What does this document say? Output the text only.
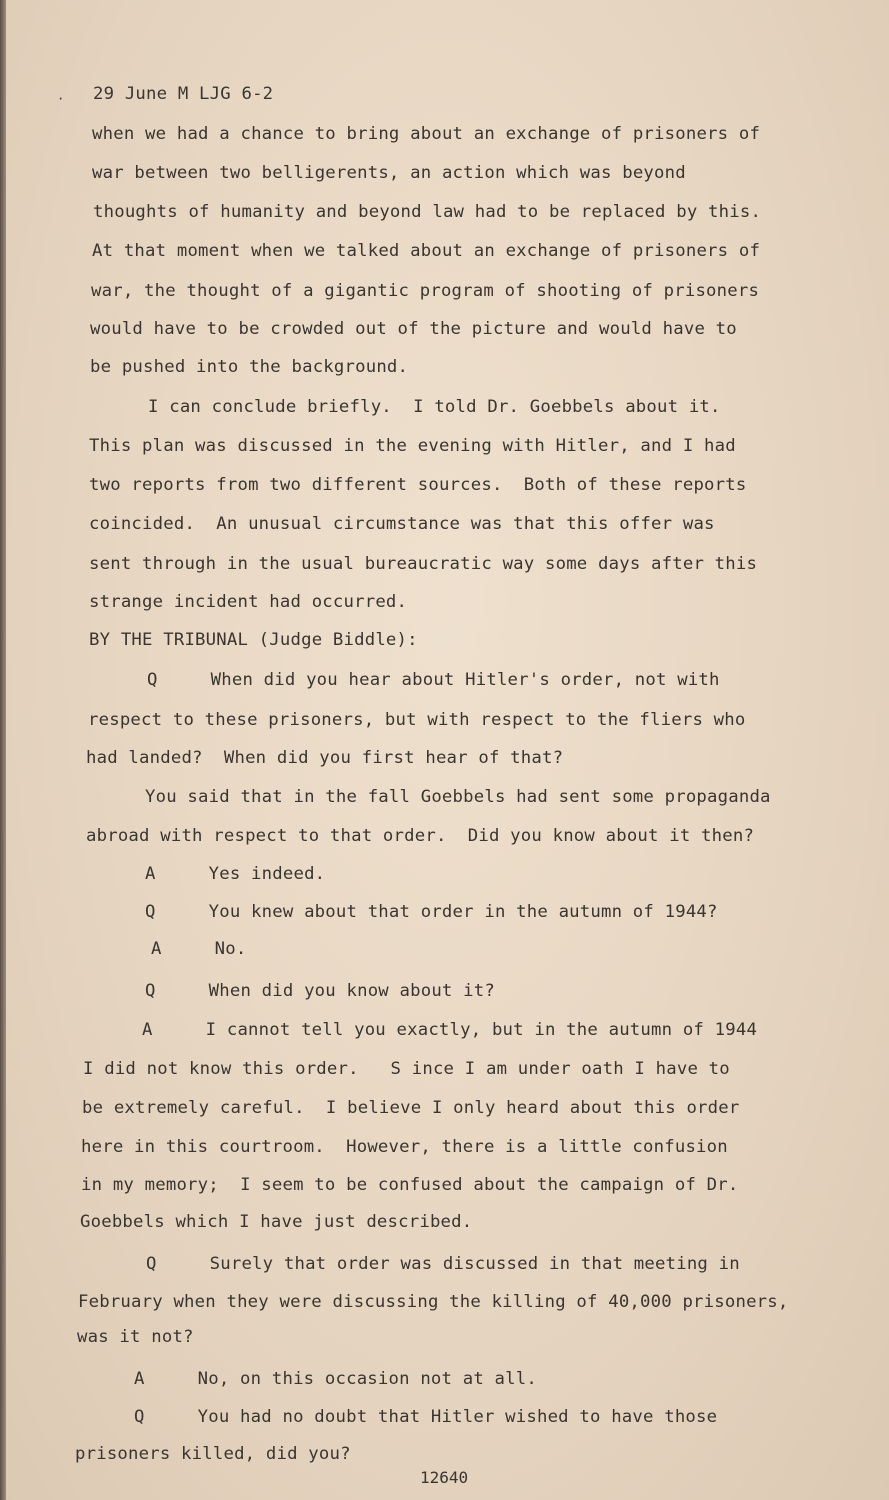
· 29 June M LJG 6-2
when we had a chance to bring about an exchange of prisoners of
war between two belligerents, an action which was beyond
thoughts of humanity and beyond law had to be replaced by this.
At that moment when we talked about an exchange of prisoners of
war, the thought of a gigantic program of shooting of prisoners
would have to be crowded out of the picture and would have to
be pushed into the background.
I can conclude briefly.  I told Dr. Goebbels about it.
This plan was discussed in the evening with Hitler, and I had
two reports from two different sources.  Both of these reports
coincided.  An unusual circumstance was that this offer was
sent through in the usual bureaucratic way some days after this
strange incident had occurred.
BY THE TRIBUNAL (Judge Biddle):
Q     When did you hear about Hitler's order, not with
respect to these prisoners, but with respect to the fliers who
had landed?  When did you first hear of that?
You said that in the fall Goebbels had sent some propaganda
abroad with respect to that order.  Did you know about it then?
A     Yes indeed.
Q     You knew about that order in the autumn of 1944?
A     No.
Q     When did you know about it?
A     I cannot tell you exactly, but in the autumn of 1944
I did not know this order.   S ince I am under oath I have to
be extremely careful.  I believe I only heard about this order
here in this courtroom.  However, there is a little confusion
in my memory;  I seem to be confused about the campaign of Dr.
Goebbels which I have just described.
Q     Surely that order was discussed in that meeting in
February when they were discussing the killing of 40,000 prisoners,
was it not?
A     No, on this occasion not at all.
Q     You had no doubt that Hitler wished to have those
prisoners killed, did you?
12640
